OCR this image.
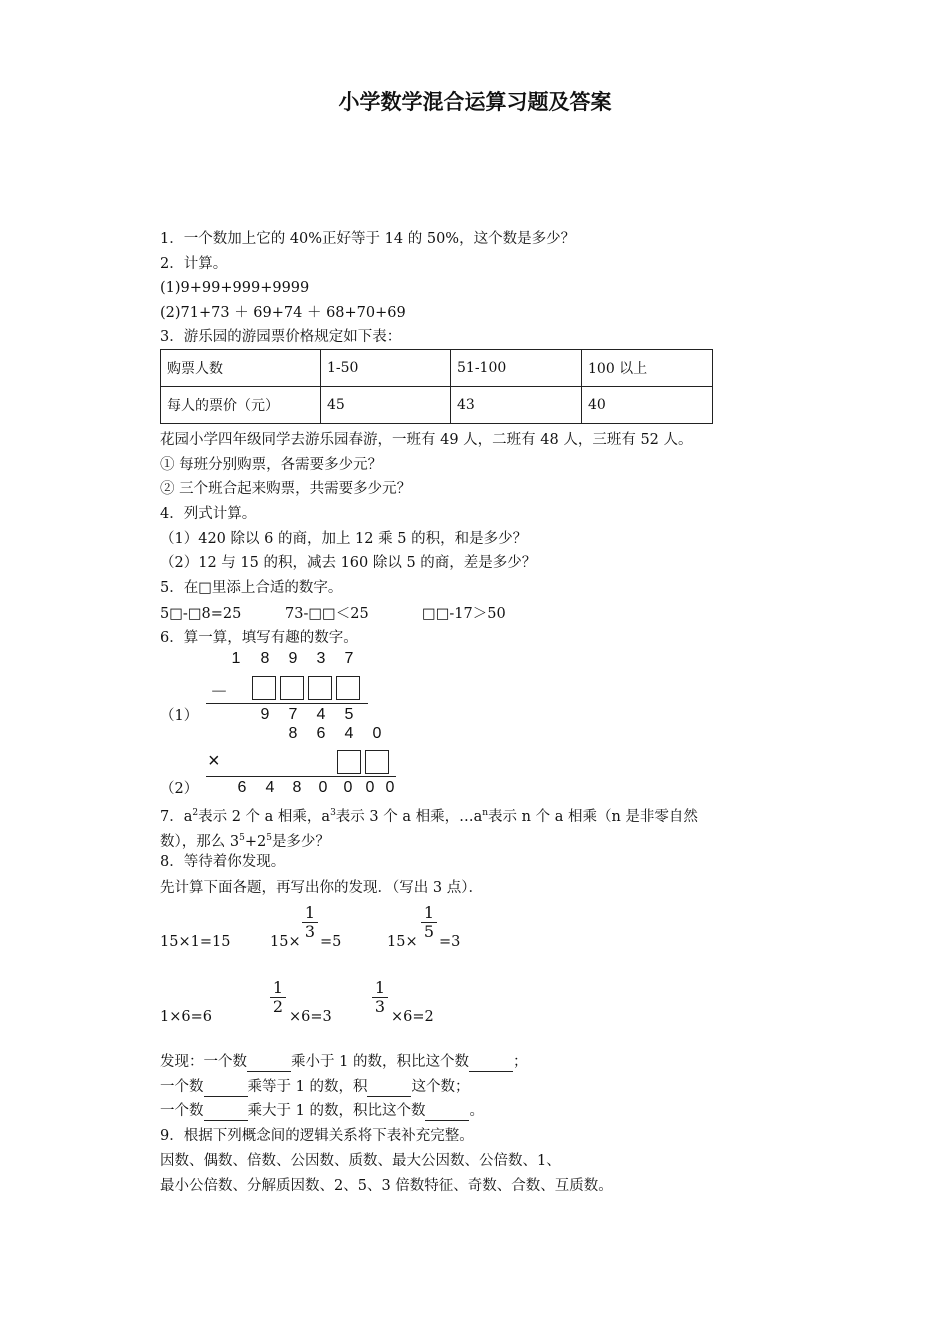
小学数学混合运算习题及答案
1．一个数加上它的 40%正好等于 14 的 50%，这个数是多少？
2．计算。
(1)9+99+999+9999
(2)71+73 ＋ 69+74 ＋ 68+70+69
3．游乐园的游园票价格规定如下表：
购票人数	1-50	51-100	100 以上
每人的票价（元）	45	43	40
花园小学四年级同学去游乐园春游，一班有 49 人，二班有 48 人，三班有 52 人。
① 每班分别购票，各需要多少元？
② 三个班合起来购票，共需要多少元？
4．列式计算。
（1）420 除以 6 的商，加上 12 乘 5 的积，和是多少？
（2）12 与 15 的积，减去 160 除以 5 的商，差是多少？
5．在□里添上合适的数字。
5□-□8=25	73-□□＜25	□□-17＞50
6．算一算，填写有趣的数字。
1	8	9	3	7
－
（1）	9	7	4	5
8	6	4	0
×
（2）	6	4	8	0	0 0 0
7．$a^2$表示 2 个 a 相乘，$a^3$表示 3 个 a 相乘，$\dots a^n$表示 n 个 a 相乘（n 是非零自然
数），那么 $3^5+2^5$是多少？
8．等待着你发现。
先计算下面各题，再写出你的发现．（写出 3 点）．
15×1=15	15×
$\frac{1}{3}$
=5	15×
$\frac{1}{5}$
=3
1×6=6
$\frac{1}{2}$
×6=3
$\frac{1}{3}$
×6=2
发现：一个数	乘小于 1 的数，积比这个数	；
一个数	乘等于 1 的数，积	这个数；
一个数	乘大于 1 的数，积比这个数	。
9．根据下列概念间的逻辑关系将下表补充完整。
因数、偶数、倍数、公因数、质数、最大公因数、公倍数、1、
最小公倍数、分解质因数、2、5、3 倍数特征、奇数、合数、互质数。
